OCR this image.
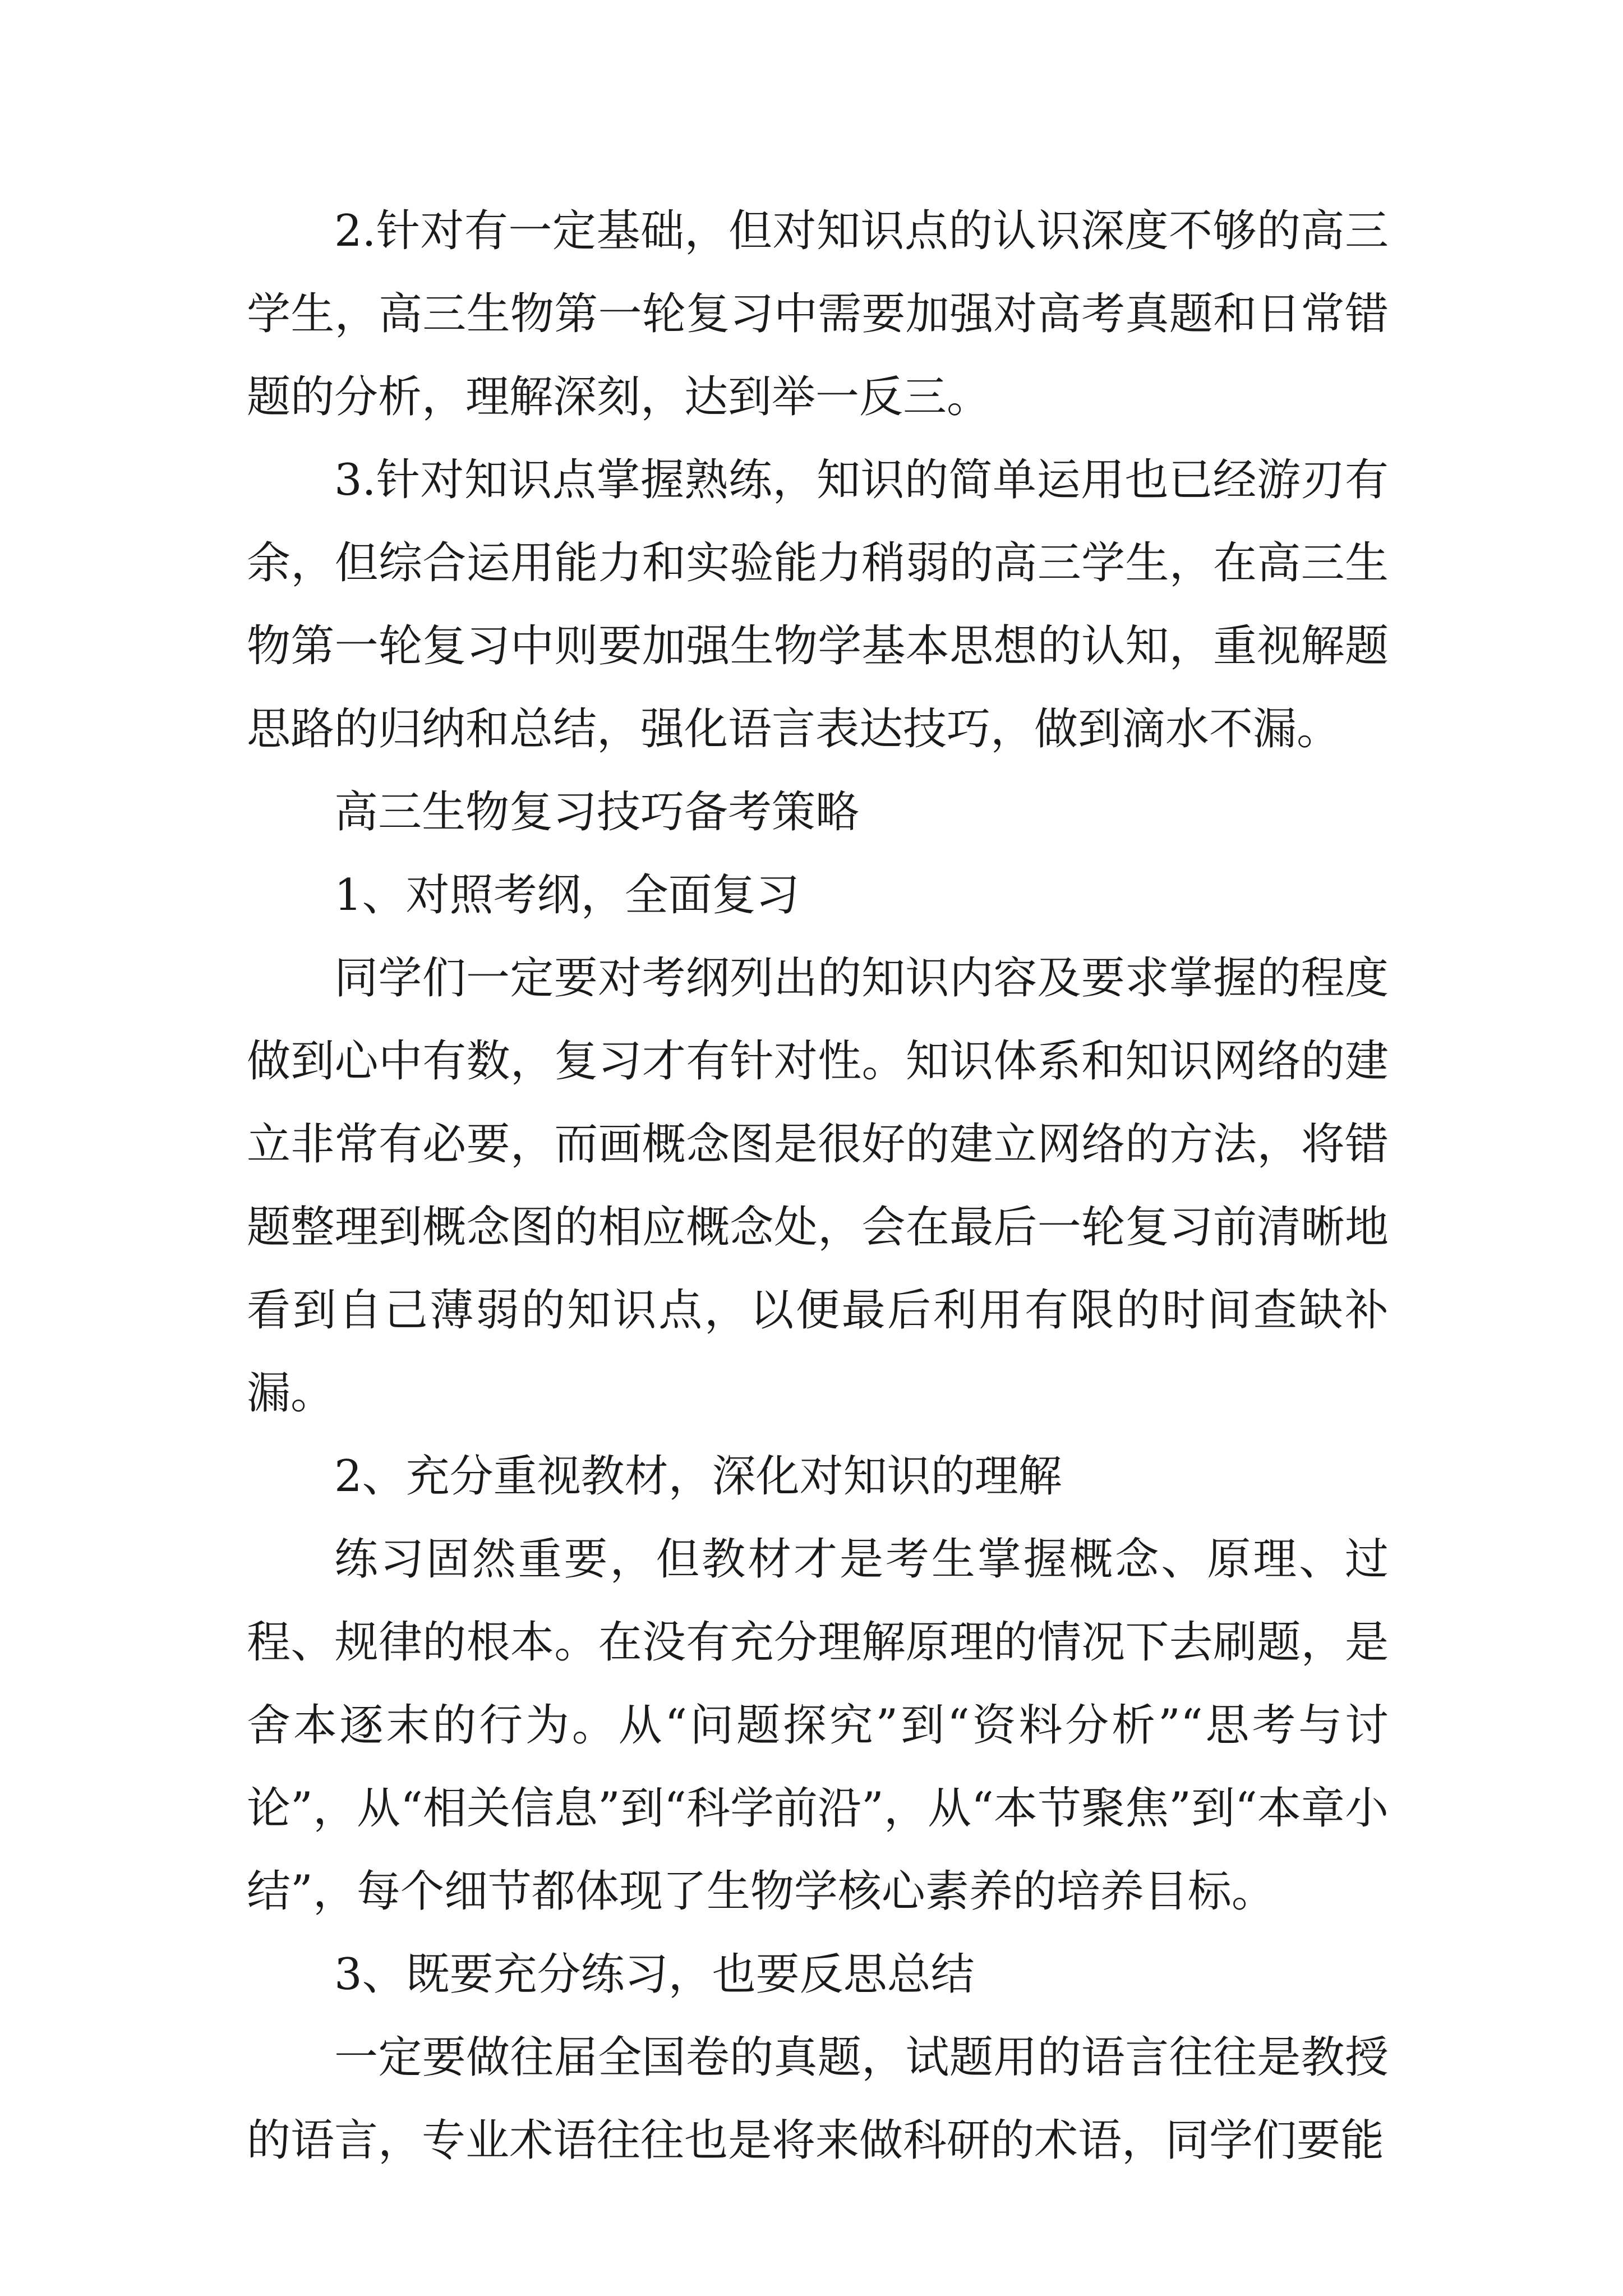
2.针对有一定基础，但对知识点的认识深度不够的高三学生，高三生物第一轮复习中需要加强对高考真题和日常错题的分析，理解深刻，达到举一反三。

3.针对知识点掌握熟练，知识的简单运用也已经游刃有余，但综合运用能力和实验能力稍弱的高三学生，在高三生物第一轮复习中则要加强生物学基本思想的认知，重视解题思路的归纳和总结，强化语言表达技巧，做到滴水不漏。

高三生物复习技巧备考策略

1、对照考纲，全面复习

同学们一定要对考纲列出的知识内容及要求掌握的程度做到心中有数，复习才有针对性。知识体系和知识网络的建立非常有必要，而画概念图是很好的建立网络的方法，将错题整理到概念图的相应概念处，会在最后一轮复习前清晰地看到自己薄弱的知识点，以便最后利用有限的时间查缺补漏。

2、充分重视教材，深化对知识的理解

练习固然重要，但教材才是考生掌握概念、原理、过程、规律的根本。在没有充分理解原理的情况下去刷题，是舍本逐末的行为。从“问题探究”到“资料分析”“思考与讨论”，从“相关信息”到“科学前沿”，从“本节聚焦”到“本章小结”，每个细节都体现了生物学核心素养的培养目标。

3、既要充分练习，也要反思总结

一定要做往届全国卷的真题，试题用的语言往往是教授的语言，专业术语往往也是将来做科研的术语，同学们要能
